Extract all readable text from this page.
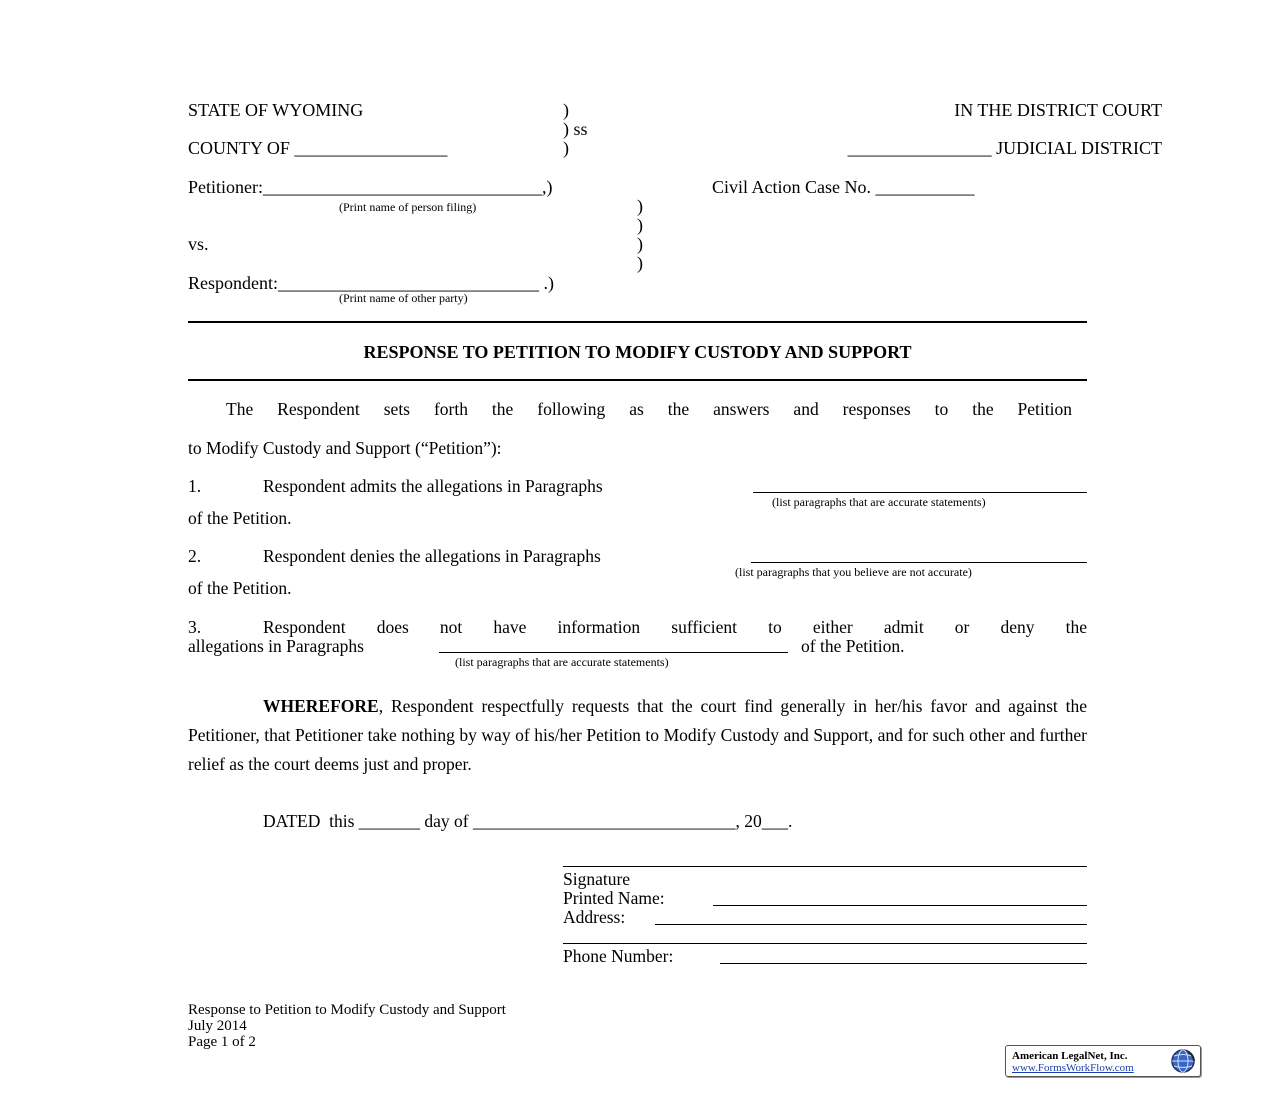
STATE OF WYOMING	)
) ss
COUNTY OF _________________	)
IN THE DISTRICT COURT
________________ JUDICIAL DISTRICT
Petitioner:_______________________________,)	Civil Action Case No. ___________
(Print name of person filing)	)
)
vs.	)
)
Respondent:_____________________________ .)
(Print name of other party)
RESPONSE TO PETITION TO MODIFY CUSTODY AND SUPPORT
The Respondent sets forth the following as the answers and responses to the Petition
to Modify Custody and Support (“Petition”):
1.	Respondent admits the allegations in Paragraphs
(list paragraphs that are accurate statements)
of the Petition.
2.	Respondent denies the allegations in Paragraphs
(list paragraphs that you believe are not accurate)
of the Petition.
3.	Respondent does not have information sufficient to either admit or deny the
allegations in Paragraphs	of the Petition.
(list paragraphs that are accurate statements)
WHEREFORE, Respondent respectfully requests that the court find generally in her/his favor and against the Petitioner, that Petitioner take nothing by way of his/her Petition to Modify Custody and Support, and for such other and further relief as the court deems just and proper.
DATED  this _______ day of ______________________________, 20___.
Signature
Printed Name:
Address:
Phone Number:
Response to Petition to Modify Custody and Support
July 2014
Page 1 of 2
American LegalNet, Inc.
www.FormsWorkFlow.com
